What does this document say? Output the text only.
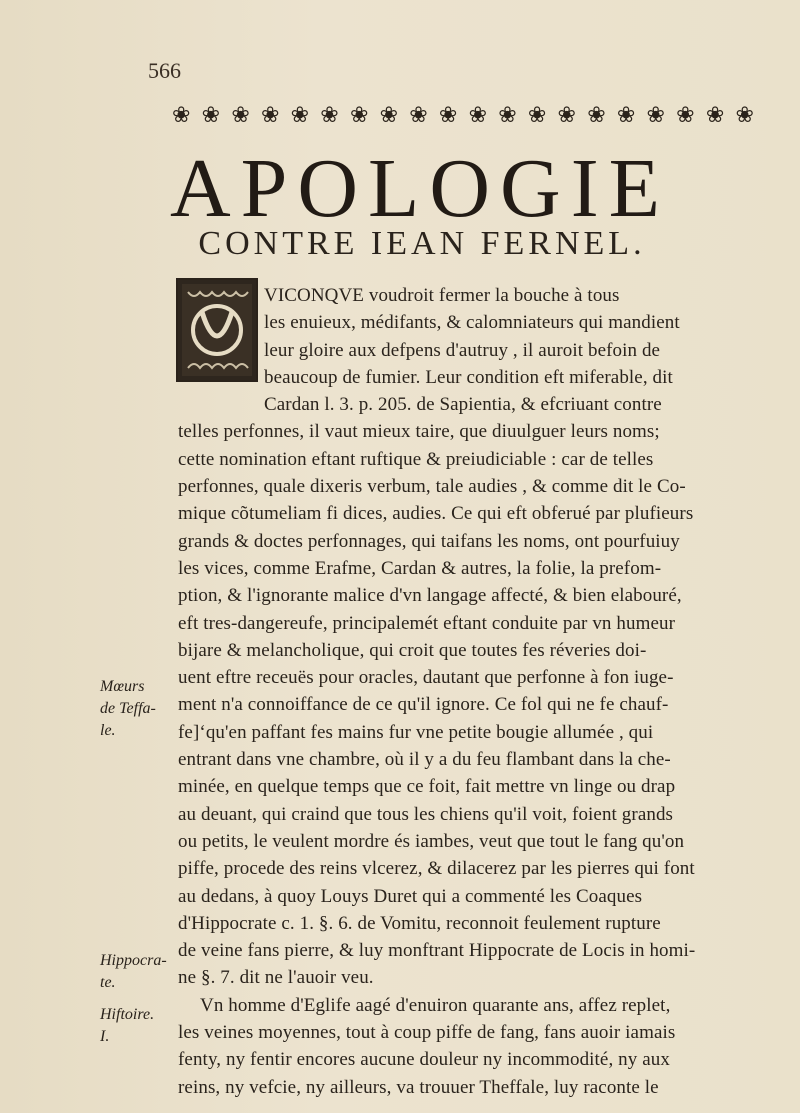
566
❀ ❀ ❀ ❀ ❀ ❀ ❀ ❀ ❀ ❀ ❀ ❀ ❀ ❀ ❀ ❀ ❀ ❀ ❀ ❀
APOLOGIE
CONTRE IEAN FERNEL.
VICONQVE voudroit fermer la bouche à tous
les enuieux, médifants, & calomniateurs qui mandient
leur gloire aux defpens d'autruy , il auroit befoin de
beaucoup de fumier. Leur condition eft miferable, dit
Cardan l. 3. p. 205. de Sapientia, & efcriuant contre
telles perfonnes, il vaut mieux taire, que diuulguer leurs noms;
cette nomination eftant ruftique & preiudiciable : car de telles
perfonnes, quale dixeris verbum, tale audies , & comme dit le Co-
mique cõtumeliam fi dices, audies. Ce qui eft obferué par plufieurs
grands & doctes perfonnages, qui taifans les noms, ont pourfuiuy
les vices, comme Erafme, Cardan & autres, la folie, la prefom-
ption, & l'ignorante malice d'vn langage affecté, & bien elabouré,
eft tres-dangereufe, principalemét eftant conduite par vn humeur
bijare & melancholique, qui croit que toutes fes réveries doi-
uent eftre receuës pour oracles, dautant que perfonne à fon iuge-
ment n'a connoiffance de ce qu'il ignore. Ce fol qui ne fe chauf-
fe]ʻqu'en paffant fes mains fur vne petite bougie allumée , qui
entrant dans vne chambre, où il y a du feu flambant dans la che-
minée, en quelque temps que ce foit, fait mettre vn linge ou drap
au deuant, qui craind que tous les chiens qu'il voit, foient grands
ou petits, le veulent mordre és iambes, veut que tout le fang qu'on
piffe, procede des reins vlcerez, & dilacerez par les pierres qui font
au dedans, à quoy Louys Duret qui a commenté les Coaques
d'Hippocrate c. 1. §. 6. de Vomitu, reconnoit feulement rupture
de veine fans pierre, & luy monftrant Hippocrate de Locis in homi-
ne §. 7. dit ne l'auoir veu.
Vn homme d'Eglife aagé d'enuiron quarante ans, affez replet,
les veines moyennes, tout à coup piffe de fang, fans auoir iamais
fenty, ny fentir encores aucune douleur ny incommodité, ny aux
reins, ny vefcie, ny ailleurs, va trouuer Theffale, luy raconte le
Mœurs
de Teffa-
le.
Hippocra-
te.
Hiftoire.
I.
